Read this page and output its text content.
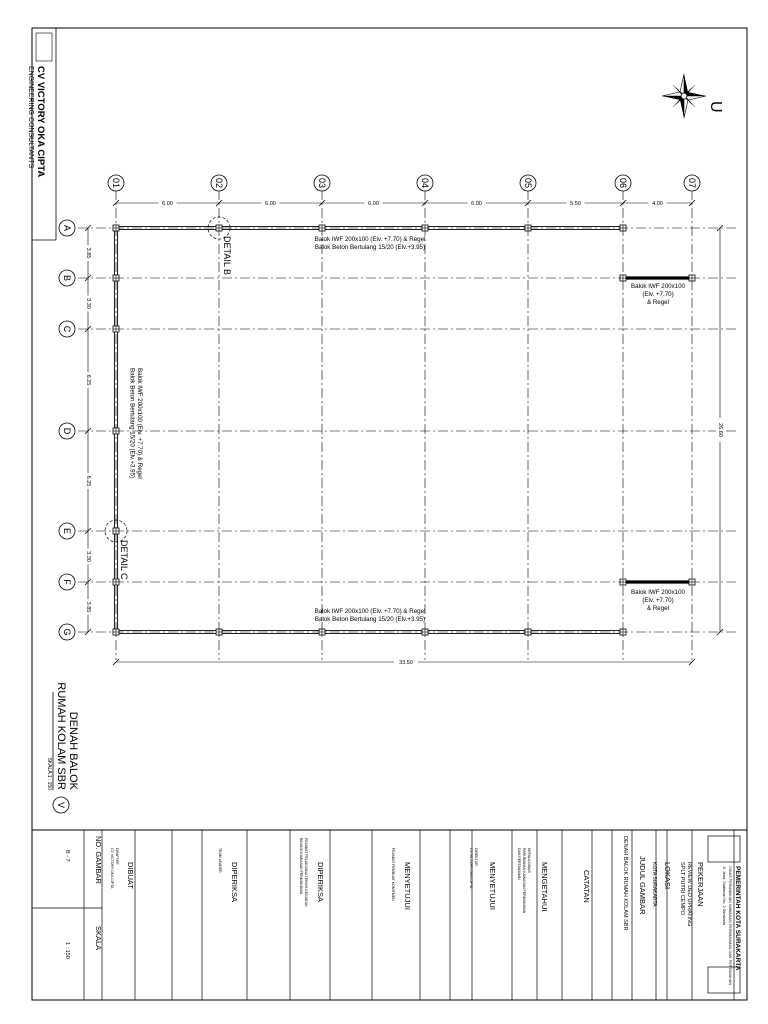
CV VICTORY OKA CIPTA
ENGINEERING CONSULTANTS	U
01	02	03	04	05	06	07
A
B
C
D
E
F
G
6.00	6.00	6.00	6.00	5.50	4.00
3.85
3.30
6.25
6.25
3.30
3.85
33.50
26.60
DETAIL B
DETAIL C
Balok IWF 200x100 (Elv. +7.70) & Regel
Balok Beton Bertulang 15/20 (Elv.+3.95)
Balok IWF 200x100 (Elv. +7.70) & Regel
Balok Beton Bertulang 15/20 (Elv.+3.95)
Balok IWF 200x100 (Elv. +7.70) & Regel
Balok Beton Bertulang 15/20 (Elv.+3.95)
Balok IWF 200x100
(Elv. +7.70)
& Regel
Balok IWF 200x100
(Elv. +7.70)
& Regel
DENAH BALOK
RUMAH KOLAM SBR
SKALA 1 : 150
V
PEMERINTAH KOTA SURAKARTA
DINAS PERUMAHAN KAWASAN PERMUKIMAN DAN PERTANAHAN
Jl. Jend. Sudirman No. 2 Surakarta
PEKERJAAN
REVIEW DED UPRATING
SPLT PUTRI CEMPO
LOKASI
KOTA SURAKARTA
JUDUL GAMBAR
DENAH BALOK RUMAH KOLAM SBR
CATATAN
MENGETAHUI
KEPALA DINAS
PERUMAHAN KAWASAN PERMUKIMAN
DAN PERTANAHAN
MENYETUJUI
DIREKTUR
CV VICTORY OKA CIPTA
MENYETUJUI
PEJABAT PEMBUAT KOMITMEN
DIPERIKSA
PEJABAT PELAKSANA TEKNIS KEGIATAN
BIDANG KAWASAN PERMUKIMAN
DIPERIKSA
TEAM LEADER
DIBUAT
DRAFTER
CV VICTORY OKA CIPTA
NO. GAMBAR
B - 7
SKALA
1 : 150
